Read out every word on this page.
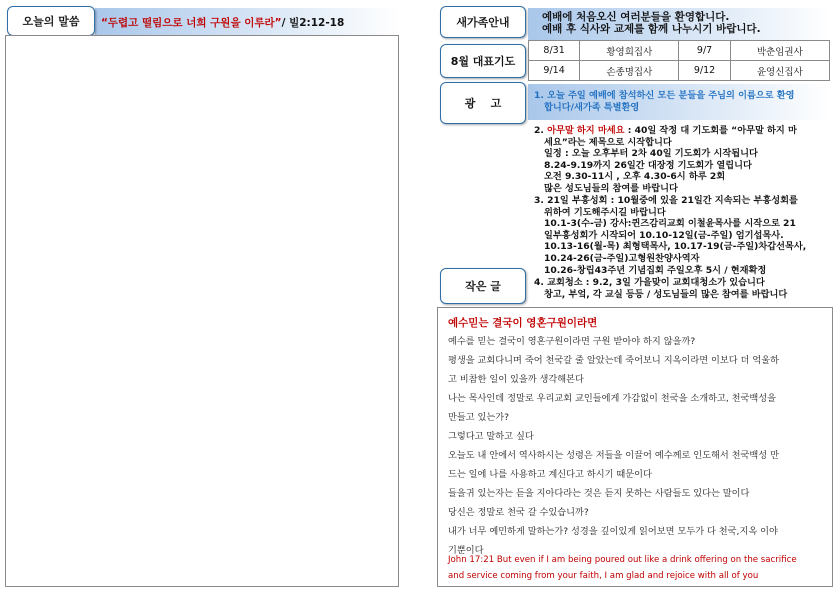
“두렵고 떨림으로 너희 구원을 이루라” / 빌2:12-18
오늘의 말씀	예배에 처음오신 여러분들을 환영합니다.
예배 후 식사와 교제를 함께 나누시기 바랍니다.
새가족안내
8월 대표기도
8/31	황영희집사	9/7	박춘임권사
9/14	손종명집사	9/12	윤영신집사
광    고
1. 오늘 주일 예배에 참석하신 모든 분들을 주님의 이름으로 환영
합니다/새가족 특별환영
2. 아무말 하지 마세요 : 40일 작정 대 기도회를 “아무말 하지 마
세요”라는 제목으로 시작합니다
일정 : 오늘 오후부터 2차 40일 기도회가 시작됩니다
8.24-9.19까지 26일간 대장정 기도회가 열립니다
오전 9.30-11시 , 오후 4.30-6시 하루 2회
많은 성도님들의 참여를 바랍니다
3. 21일 부흥성회 : 10월중에 있을 21일간 지속되는 부흥성회를
위하여 기도해주시길 바랍니다
10.1-3(수-금) 강사:퀸즈감리교회 이철윤목사를 시작으로 21
일부흥성회가 시작되어 10.10-12일(금-주일) 엄기섭목사.
10.13-16(월-목) 최형택목사, 10.17-19(금-주일)차갑선목사,
10.24-26(금-주일)고형원찬양사역자
10.26-창립43주년 기념집회 주일오후 5시 / 현재확정
4. 교회청소 : 9.2, 3일 가을맞이 교회대청소가 있습니다
창고, 부엌, 각 교실 등등 / 성도님들의 많은 참여를 바랍니다
작은 글
예수믿는 결국이 영혼구원이라면
예수를 믿는 결국이 영혼구원이라면 구원 받아야 하지 않을까?
평생을 교회다니며 죽어 천국갈 줄 알았는데 죽어보니 지옥이라면 이보다 더 억울하
고 비참한 일이 있을까 생각해본다
나는 목사인데 정말로 우리교회 교인들에게 가감없이 천국을 소개하고, 천국백성을
만들고 있는가?
그렇다고 말하고 싶다
오늘도 내 안에서 역사하시는 성령은 저들을 이끌어 예수께로 인도해서 천국백성 만
드는 일에 나를 사용하고 계신다고 하시기 때문이다
들을귀 있는자는 듣을 지아다라는 것은 듣지 못하는 사람들도 있다는 말이다
당신은 정말로 천국 갈 수있습니까?
내가 너무 예민하게 말하는가? 성경을 깊이있게 읽어보면 모두가 다 천국,지옥 이야
기뿐이다
John 17:21 But even if I am being poured out like a drink offering on the sacrifice
and service coming from your faith, I am glad and rejoice with all of you
